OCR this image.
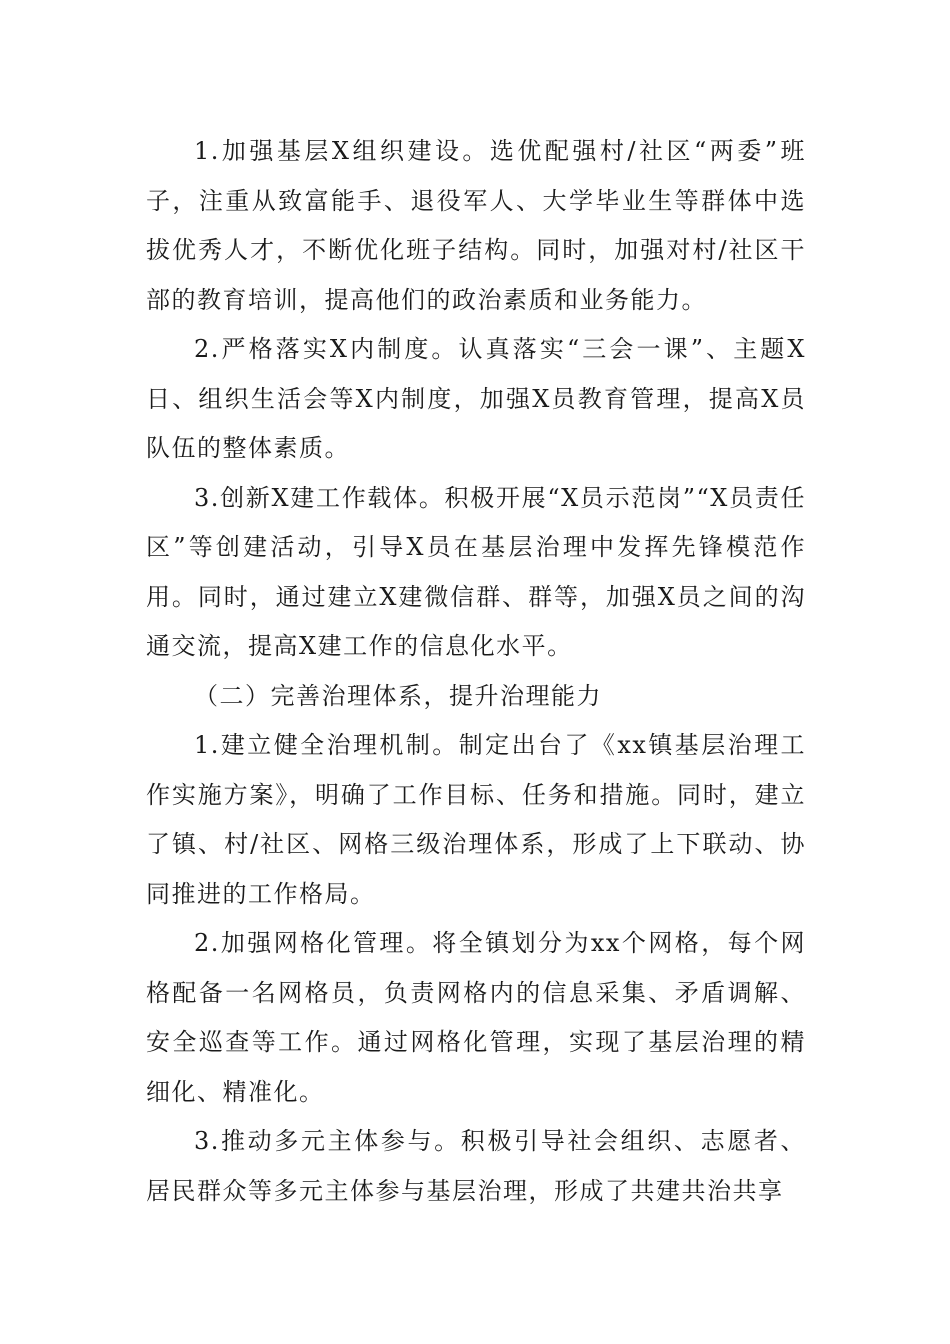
1.加强基层X组织建设。选优配强村/社区“两委”班子，注重从致富能手、退役军人、大学毕业生等群体中选拔优秀人才，不断优化班子结构。同时，加强对村/社区干部的教育培训，提高他们的政治素质和业务能力。

2.严格落实X内制度。认真落实“三会一课”、主题X日、组织生活会等X内制度，加强X员教育管理，提高X员队伍的整体素质。

3.创新X建工作载体。积极开展“X员示范岗”“X员责任区”等创建活动，引导X员在基层治理中发挥先锋模范作用。同时，通过建立X建微信群、群等，加强X员之间的沟通交流，提高X建工作的信息化水平。

（二）完善治理体系，提升治理能力

1.建立健全治理机制。制定出台了《xx镇基层治理工作实施方案》，明确了工作目标、任务和措施。同时，建立了镇、村/社区、网格三级治理体系，形成了上下联动、协同推进的工作格局。

2.加强网格化管理。将全镇划分为xx个网格，每个网格配备一名网格员，负责网格内的信息采集、矛盾调解、安全巡查等工作。通过网格化管理，实现了基层治理的精细化、精准化。

3.推动多元主体参与。积极引导社会组织、志愿者、居民群众等多元主体参与基层治理，形成了共建共治共享
